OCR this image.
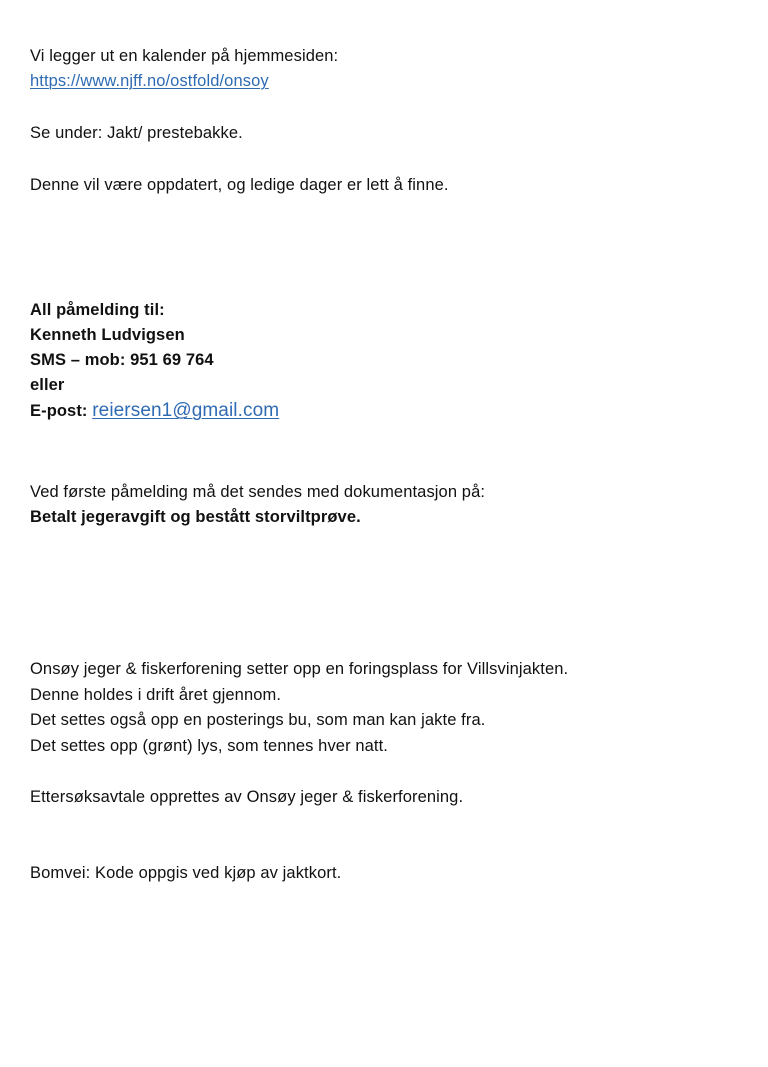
Vi legger ut en kalender på hjemmesiden:
https://www.njff.no/ostfold/onsoy
Se under: Jakt/ prestebakke.
Denne vil være oppdatert, og ledige dager er lett å finne.
All påmelding til:
Kenneth Ludvigsen
SMS – mob: 951 69 764
eller
E-post: reiersen1@gmail.com
Ved første påmelding må det sendes med dokumentasjon på:
Betalt jegeravgift og bestått storviltprøve.
Onsøy jeger & fiskerforening setter opp en foringsplass for Villsvinjakten.
Denne holdes i drift året gjennom.
Det settes også opp en posterings bu, som man kan jakte fra.
Det settes opp (grønt) lys, som tennes hver natt.
Ettersøksavtale opprettes av Onsøy jeger & fiskerforening.
Bomvei: Kode oppgis ved kjøp av jaktkort.
